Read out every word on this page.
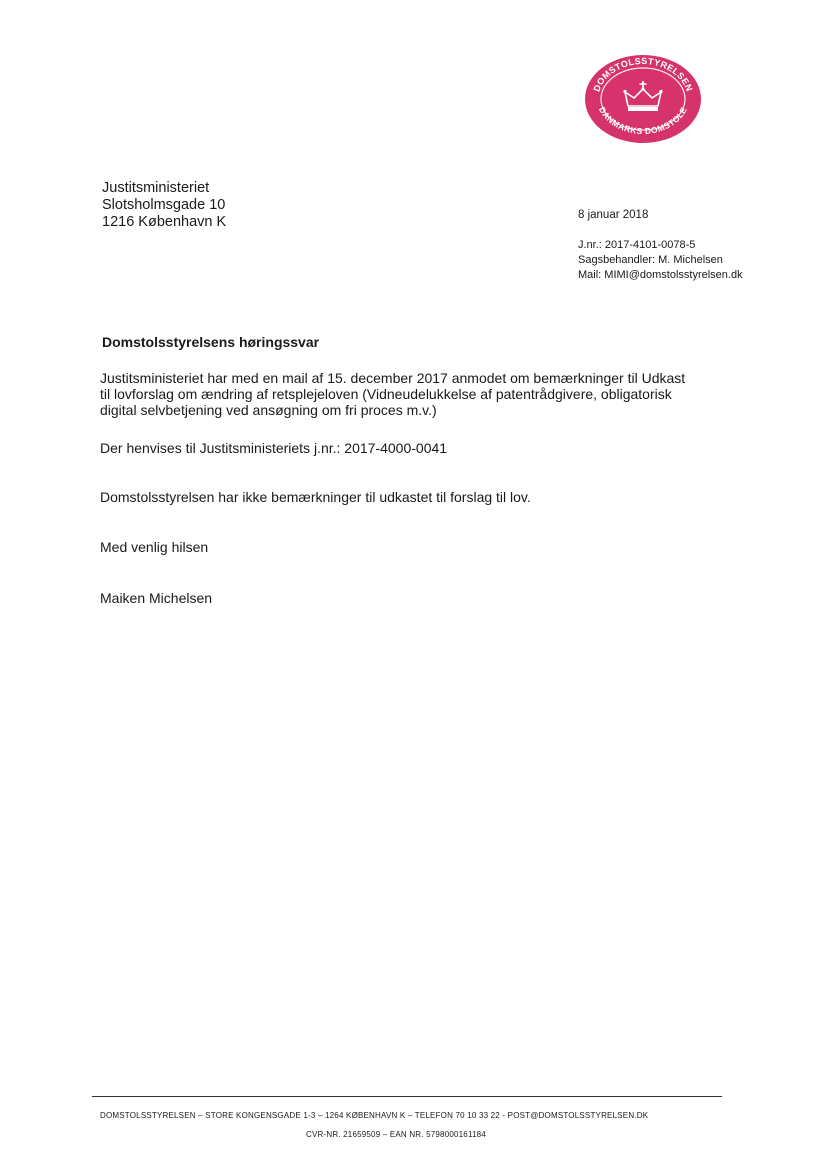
DOMSTOLSSTYRELSEN
DANMARKS DOMSTOLE
Justitsministeriet
Slotsholmsgade 10
1216 København K	8 januar 2018
J.nr.: 2017-4101-0078-5
Sagsbehandler: M. Michelsen
Mail: MIMI@domstolsstyrelsen.dk
Domstolsstyrelsens høringssvar
Justitsministeriet har med en mail af 15. december 2017 anmodet om bemærkninger til Udkast
til lovforslag om ændring af retsplejeloven (Vidneudelukkelse af patentrådgivere, obligatorisk
digital selvbetjening ved ansøgning om fri proces m.v.)
Der henvises til Justitsministeriets j.nr.: 2017-4000-0041
Domstolsstyrelsen har ikke bemærkninger til udkastet til forslag til lov.
Med venlig hilsen
Maiken Michelsen
DOMSTOLSSTYRELSEN – STORE KONGENSGADE 1-3 – 1264 KØBENHAVN K – TELEFON 70 10 33 22 - POST@DOMSTOLSSTYRELSEN.DK
CVR-NR. 21659509 – EAN NR. 5798000161184
